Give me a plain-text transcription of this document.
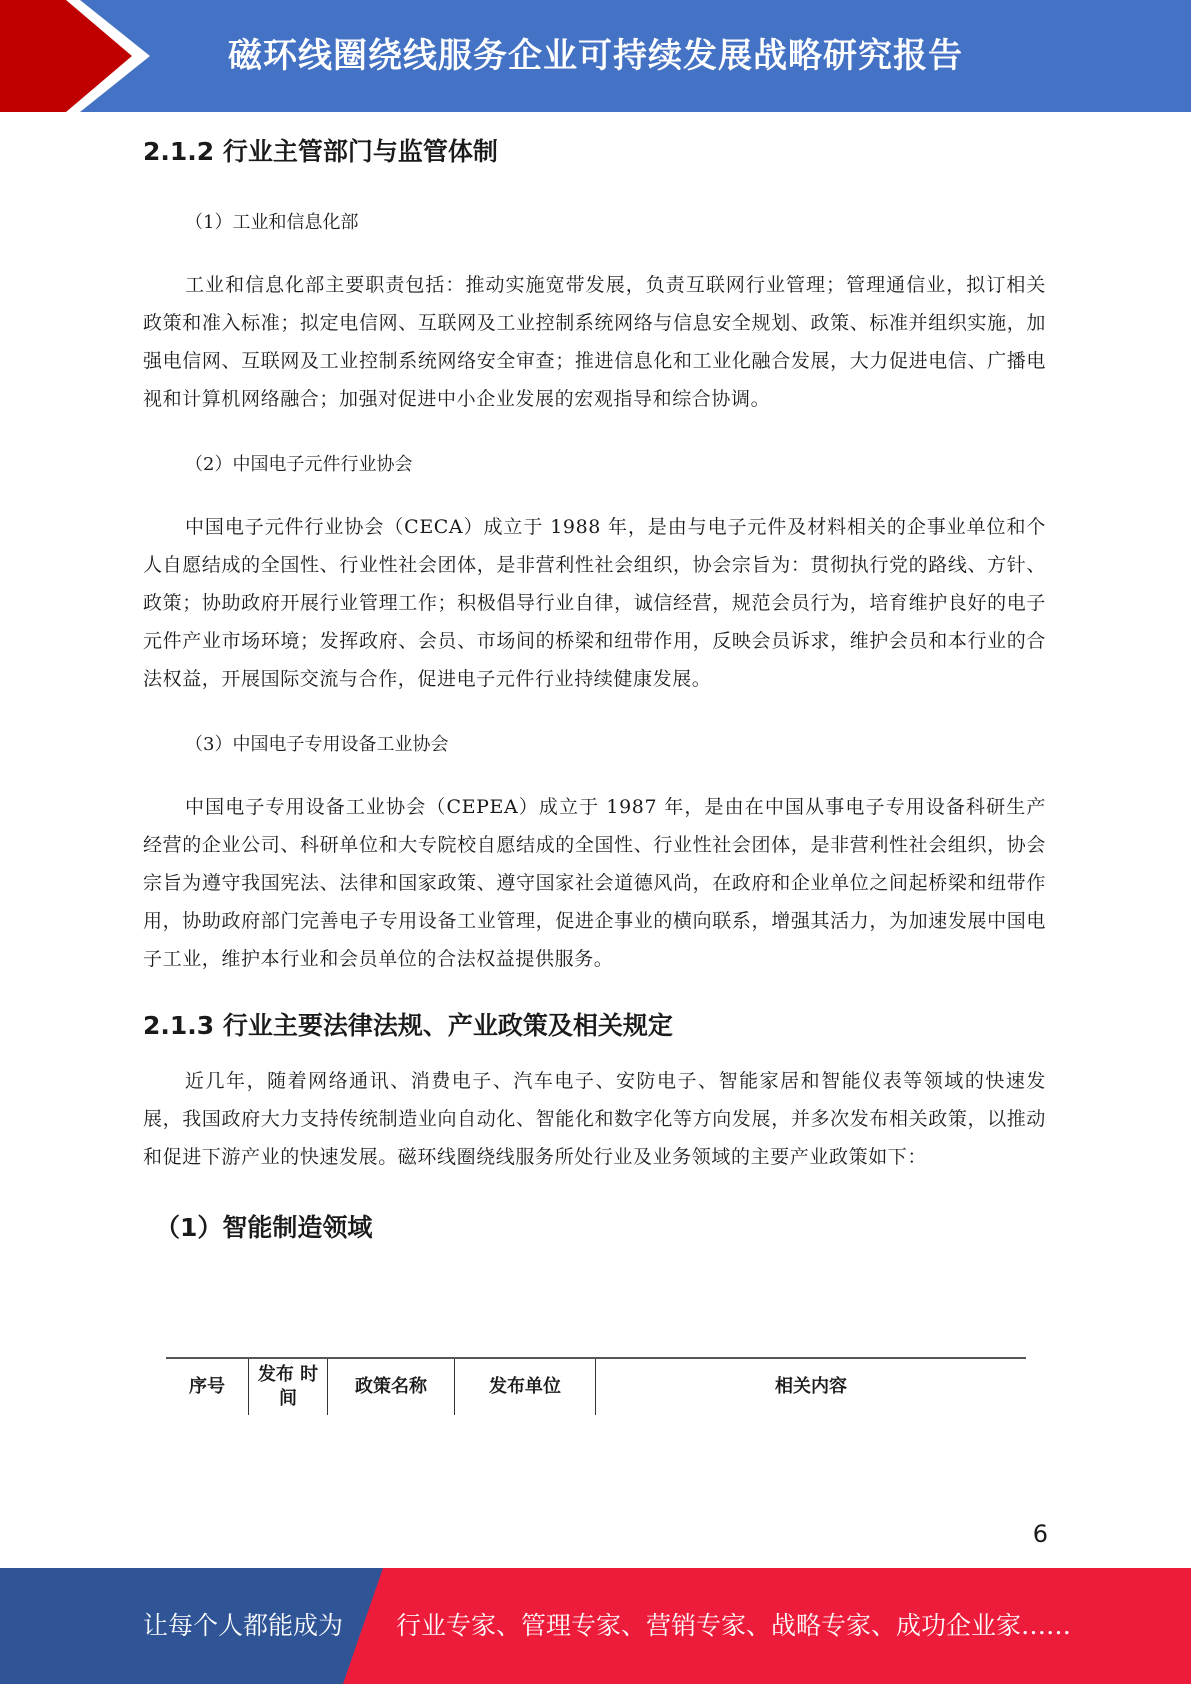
磁环线圈绕线服务企业可持续发展战略研究报告
2.1.2 行业主管部门与监管体制

（1）工业和信息化部

工业和信息化部主要职责包括：推动实施宽带发展，负责互联网行业管理；管理通信业，拟订相关政策和准入标准；拟定电信网、互联网及工业控制系统网络与信息安全规划、政策、标准并组织实施，加强电信网、互联网及工业控制系统网络安全审查；推进信息化和工业化融合发展，大力促进电信、广播电视和计算机网络融合；加强对促进中小企业发展的宏观指导和综合协调。

（2）中国电子元件行业协会

中国电子元件行业协会（CECA）成立于 1988 年，是由与电子元件及材料相关的企事业单位和个人自愿结成的全国性、行业性社会团体，是非营利性社会组织，协会宗旨为：贯彻执行党的路线、方针、政策；协助政府开展行业管理工作；积极倡导行业自律，诚信经营，规范会员行为，培育维护良好的电子元件产业市场环境；发挥政府、会员、市场间的桥梁和纽带作用，反映会员诉求，维护会员和本行业的合法权益，开展国际交流与合作，促进电子元件行业持续健康发展。

（3）中国电子专用设备工业协会

中国电子专用设备工业协会（CEPEA）成立于 1987 年，是由在中国从事电子专用设备科研生产经营的企业公司、科研单位和大专院校自愿结成的全国性、行业性社会团体，是非营利性社会组织，协会宗旨为遵守我国宪法、法律和国家政策、遵守国家社会道德风尚，在政府和企业单位之间起桥梁和纽带作用，协助政府部门完善电子专用设备工业管理，促进企事业的横向联系，增强其活力，为加速发展中国电子工业，维护本行业和会员单位的合法权益提供服务。

2.1.3 行业主要法律法规、产业政策及相关规定

近几年，随着网络通讯、消费电子、汽车电子、安防电子、智能家居和智能仪表等领域的快速发展，我国政府大力支持传统制造业向自动化、智能化和数字化等方向发展，并多次发布相关政策，以推动和促进下游产业的快速发展。磁环线圈绕线服务所处行业及业务领域的主要产业政策如下：

（1）智能制造领域
序号	发布 时间	政策名称	发布单位	相关内容
6
让每个人都能成为 行业专家、管理专家、营销专家、战略专家、成功企业家……
